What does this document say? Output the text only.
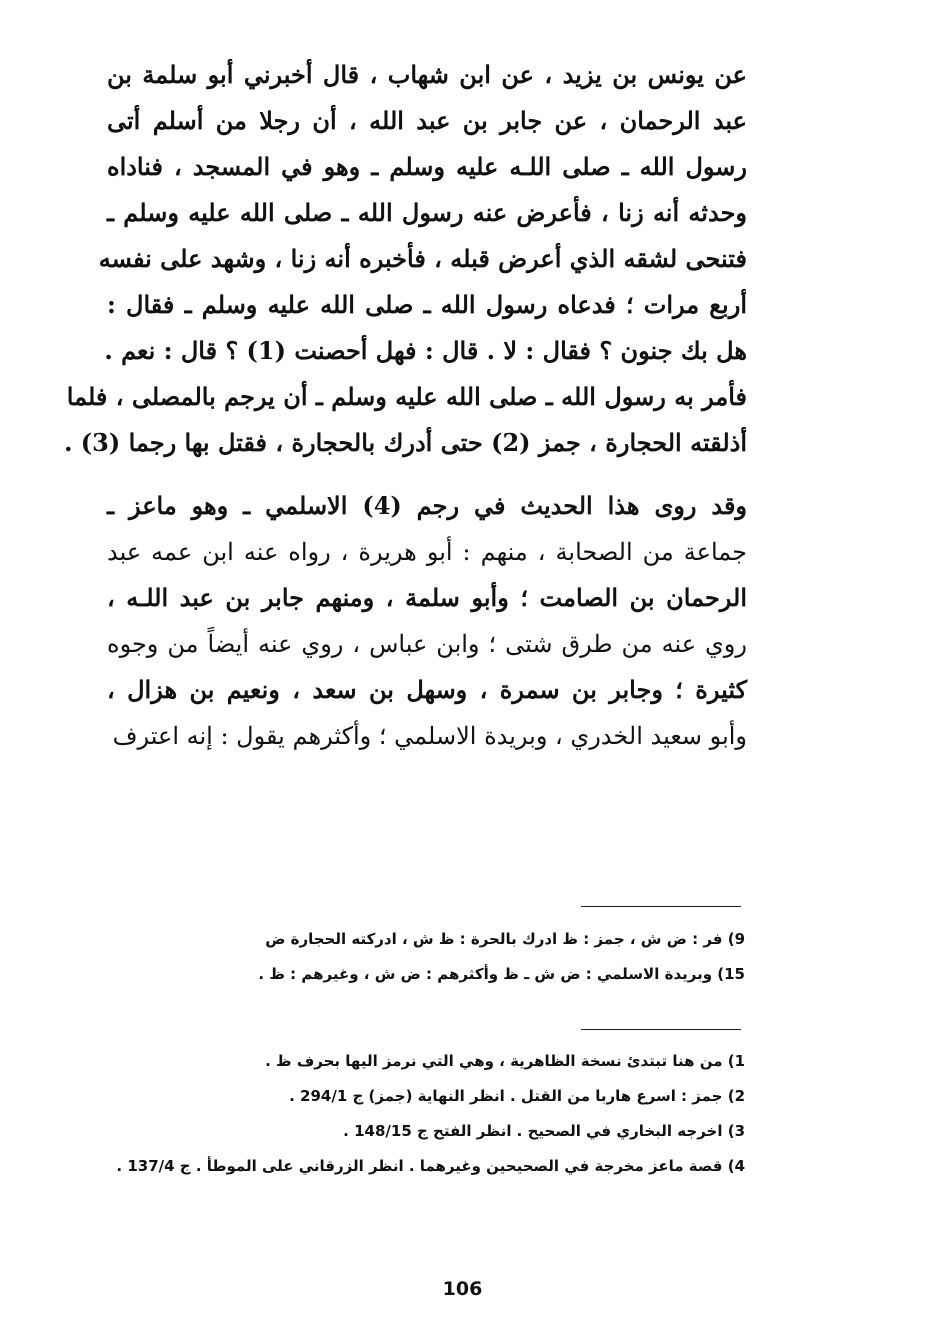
عن يونس بن يزيد ، عن ابن شهاب ، قال أخبرني أبو سلمة بن
عبد الرحمان ، عن جابر بن عبد الله ، أن رجلا من أسلم أتى
رسول الله ـ صلى اللـه عليه وسلم ـ وهو في المسجد ، فناداه
وحدثه أنه زنا ، فأعرض عنه رسول الله ـ صلى الله عليه وسلم ـ
فتنحى لشقه الذي أعرض قبله ، فأخبره أنه زنا ، وشهد على نفسه
أربع مرات ؛ فدعاه رسول الله ـ صلى الله عليه وسلم ـ فقال :
هل بك جنون ؟ فقال : لا . قال : فهل أحصنت (1) ؟ قال : نعم .
فأمر به رسول الله ـ صلى الله عليه وسلم ـ أن يرجم بالمصلى ، فلما
أذلقته الحجارة ، جمز (2) حتى أدرك بالحجارة ، فقتل بها رجما (3) .
وقد روى هذا الحديث في رجم (4) الاسلمي ـ وهو ماعز ـ
جماعة من الصحابة ، منهم : أبو هريرة ، رواه عنه ابن عمه عبد
الرحمان بن الصامت ؛ وأبو سلمة ، ومنهم جابر بن عبد اللـه ،
روي عنه من طرق شتى ؛ وابن عباس ، روي عنه أيضاً من وجوه
كثيرة ؛ وجابر بن سمرة ، وسهل بن سعد ، ونعيم بن هزال ،
وأبو سعيد الخدري ، وبريدة الاسلمي ؛ وأكثرهم يقول : إنه اعترف
9) فر : ض ش ، جمز : ظ ادرك بالحرة : ظ ش ، ادركته الحجارة ض
15) وبريدة الاسلمي : ض ش ـ ظ وأكثرهم : ض ش ، وغيرهم : ظ .
1) من هنا تبتدئ نسخة الظاهرية ، وهي التي نرمز اليها بحرف ظ .
2) جمز : اسرع هاربا من القتل . انظر النهاية (جمز) ج 294/1 .
3) اخرجه البخاري في الصحيح . انظر الفتح ج 148/15 .
4) قصة ماعز مخرجة في الصحيحين وغيرهما . انظر الزرقاني على الموطأ . ج 137/4 .
106
